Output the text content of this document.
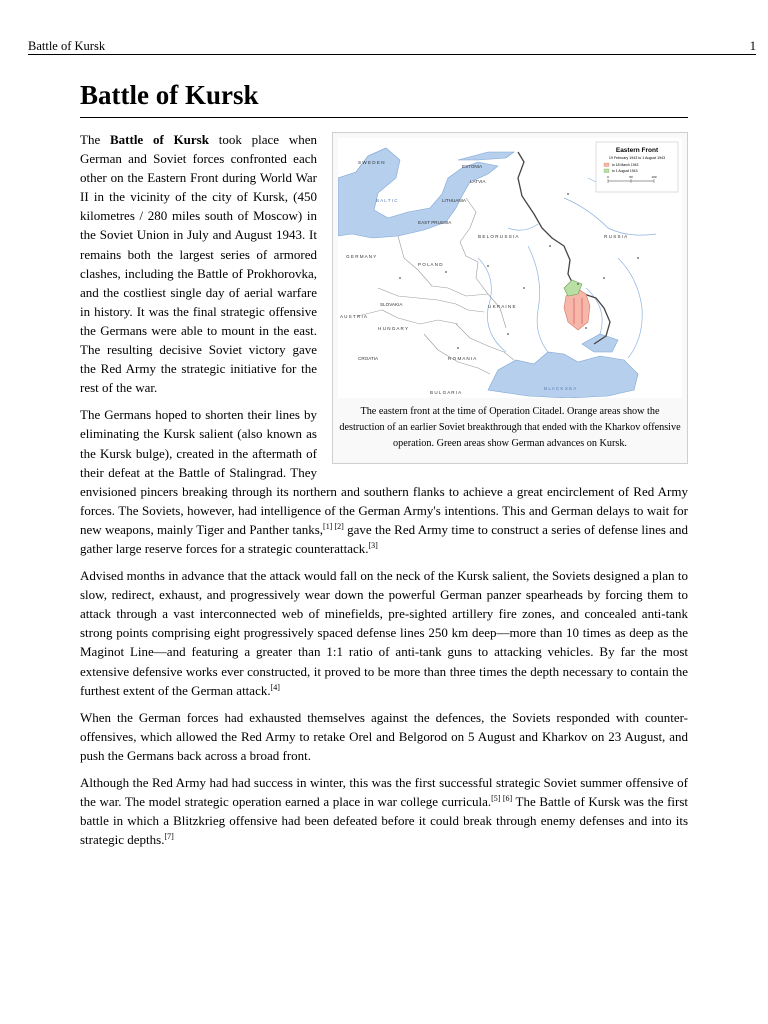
Battle of Kursk	1
Battle of Kursk
Eastern Front
19 February 1943 to 1 August 1943
to 18 March 1943
to 1 August 1943
0	50	100
S W E D E N
B A L T I C
ESTONIA
LATVIA
LITHUANIA
EAST PRUSSIA
B E L O R U S S I A	R U S S I A
G E R M A N Y
P O L A N D
U K R A I N E
SLOVAKIA
A U S T R I A
H U N G A R Y
CROATIA	R O M A N I A
B U L G A R I A
B L A C K S E A
The eastern front at the time of Operation Citadel. Orange areas show the destruction of an earlier Soviet breakthrough that ended with the Kharkov offensive operation. Green areas show German advances on Kursk.

The Battle of Kursk took place when German and Soviet forces confronted each other on the Eastern Front during World War II in the vicinity of the city of Kursk, (450 kilometres / 280 miles south of Moscow) in the Soviet Union in July and August 1943. It remains both the largest series of armored clashes, including the Battle of Prokhorovka, and the costliest single day of aerial warfare in history. It was the final strategic offensive the Germans were able to mount in the east. The resulting decisive Soviet victory gave the Red Army the strategic initiative for the rest of the war.

The Germans hoped to shorten their lines by eliminating the Kursk salient (also known as the Kursk bulge), created in the aftermath of their defeat at the Battle of Stalingrad. They envisioned pincers breaking through its northern and southern flanks to achieve a great encirclement of Red Army forces. The Soviets, however, had intelligence of the German Army's intentions. This and German delays to wait for new weapons, mainly Tiger and Panther tanks,[1] [2] gave the Red Army time to construct a series of defense lines and gather large reserve forces for a strategic counterattack.[3]

Advised months in advance that the attack would fall on the neck of the Kursk salient, the Soviets designed a plan to slow, redirect, exhaust, and progressively wear down the powerful German panzer spearheads by forcing them to attack through a vast interconnected web of minefields, pre-sighted artillery fire zones, and concealed anti-tank strong points comprising eight progressively spaced defense lines 250 km deep—more than 10 times as deep as the Maginot Line—and featuring a greater than 1:1 ratio of anti-tank guns to attacking vehicles. By far the most extensive defensive works ever constructed, it proved to be more than three times the depth necessary to contain the furthest extent of the German attack.[4]

When the German forces had exhausted themselves against the defences, the Soviets responded with counter-offensives, which allowed the Red Army to retake Orel and Belgorod on 5 August and Kharkov on 23 August, and push the Germans back across a broad front.

Although the Red Army had had success in winter, this was the first successful strategic Soviet summer offensive of the war. The model strategic operation earned a place in war college curricula.[5] [6] The Battle of Kursk was the first battle in which a Blitzkrieg offensive had been defeated before it could break through enemy defenses and into its strategic depths.[7]
